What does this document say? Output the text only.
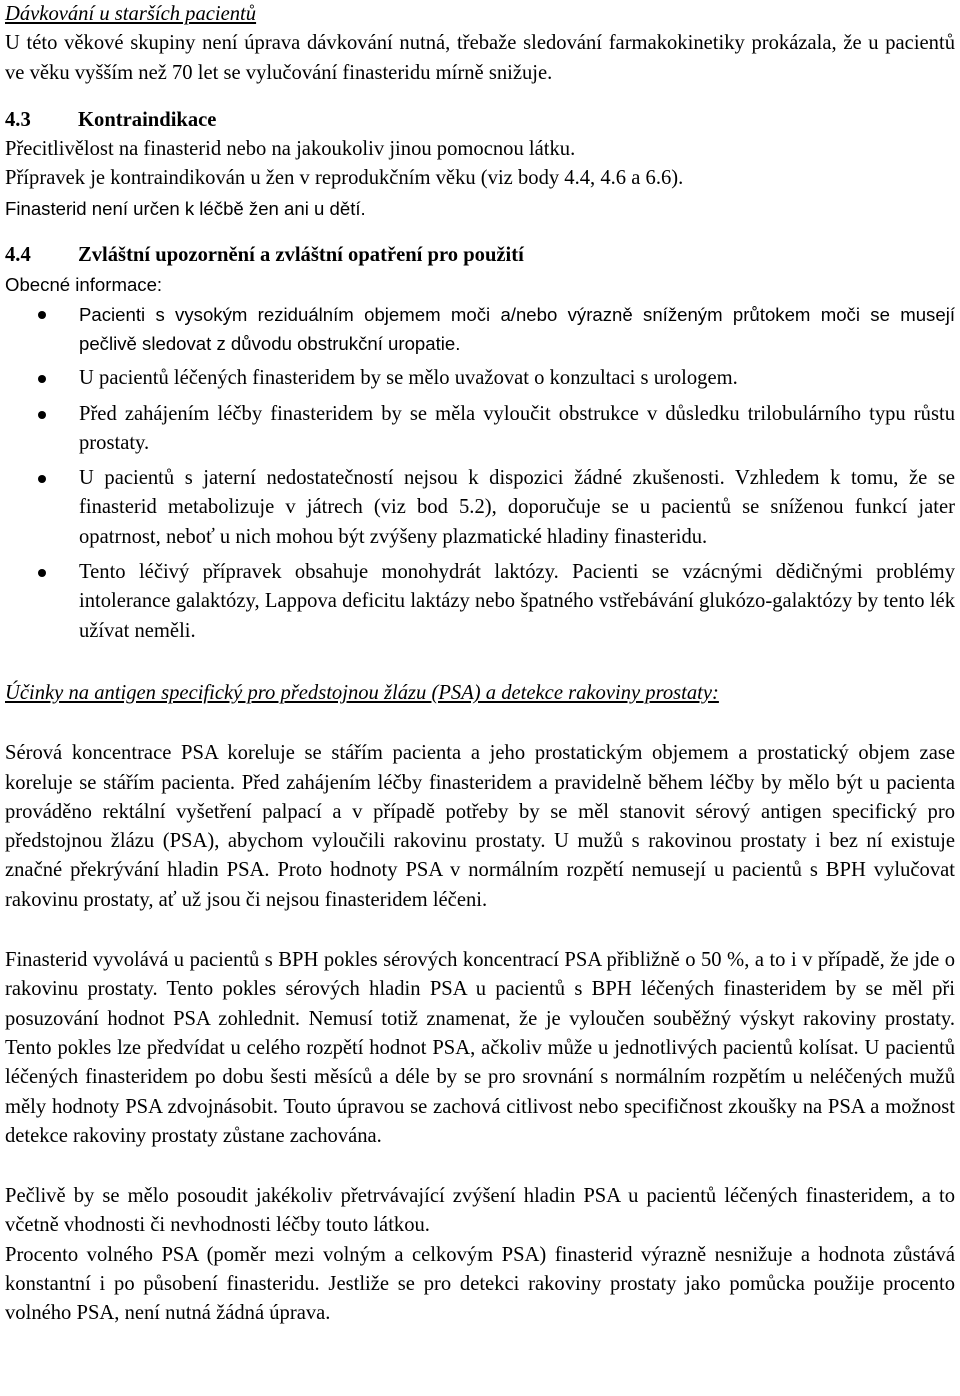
Dávkování u starších pacientů

U této věkové skupiny není úprava dávkování nutná, třebaže sledování farmakokinetiky prokázala, že u pacientů ve věku vyšším než 70 let se vylučování finasteridu mírně snižuje.

4.3 Kontraindikace

Přecitlivělost na finasterid nebo na jakoukoliv jinou pomocnou látku.

Přípravek je kontraindikován u žen v reprodukčním věku (viz body 4.4, 4.6 a 6.6).

Finasterid není určen k léčbě žen ani u dětí.

4.4 Zvláštní upozornění a zvláštní opatření pro použití

Obecné informace:

Pacienti s vysokým reziduálním objemem moči a/nebo výrazně sníženým průtokem moči se musejí pečlivě sledovat z důvodu obstrukční uropatie.
U pacientů léčených finasteridem by se mělo uvažovat o konzultaci s urologem.
Před zahájením léčby finasteridem by se měla vyloučit obstrukce v důsledku trilobulárního typu růstu prostaty.
U pacientů s jaterní nedostatečností nejsou k dispozici žádné zkušenosti. Vzhledem k tomu, že se finasterid metabolizuje v játrech (viz bod 5.2), doporučuje se u pacientů se sníženou funkcí jater opatrnost, neboť u nich mohou být zvýšeny plazmatické hladiny finasteridu.
Tento léčivý přípravek obsahuje monohydrát laktózy. Pacienti se vzácnými dědičnými problémy intolerance galaktózy, Lappova deficitu laktázy nebo špatného vstřebávání glukózo-galaktózy by tento lék užívat neměli.

Účinky na antigen specifický pro předstojnou žlázu (PSA) a detekce rakoviny prostaty:

Sérová koncentrace PSA koreluje se stářím pacienta a jeho prostatickým objemem a prostatický objem zase koreluje se stářím pacienta. Před zahájením léčby finasteridem a pravidelně během léčby by mělo být u pacienta prováděno rektální vyšetření palpací a v případě potřeby by se měl stanovit sérový antigen specifický pro předstojnou žlázu (PSA), abychom vyloučili rakovinu prostaty. U mužů s rakovinou prostaty i bez ní existuje značné překrývání hladin PSA. Proto hodnoty PSA v normálním rozpětí nemusejí u pacientů s BPH vylučovat rakovinu prostaty, ať už jsou či nejsou finasteridem léčeni.

Finasterid vyvolává u pacientů s BPH pokles sérových koncentrací PSA přibližně o 50 %, a to i v případě, že jde o rakovinu prostaty. Tento pokles sérových hladin PSA u pacientů s BPH léčených finasteridem by se měl při posuzování hodnot PSA zohlednit. Nemusí totiž znamenat, že je vyloučen souběžný výskyt rakoviny prostaty. Tento pokles lze předvídat u celého rozpětí hodnot PSA, ačkoliv může u jednotlivých pacientů kolísat. U pacientů léčených finasteridem po dobu šesti měsíců a déle by se pro srovnání s normálním rozpětím u neléčených mužů měly hodnoty PSA zdvojnásobit. Touto úpravou se zachová citlivost nebo specifičnost zkoušky na PSA a možnost detekce rakoviny prostaty zůstane zachována.

Pečlivě by se mělo posoudit jakékoliv přetrvávající zvýšení hladin PSA u pacientů léčených finasteridem, a to včetně vhodnosti či nevhodnosti léčby touto látkou.

Procento volného PSA (poměr mezi volným a celkovým PSA) finasterid výrazně nesnižuje a hodnota zůstává konstantní i po působení finasteridu. Jestliže se pro detekci rakoviny prostaty jako pomůcka použije procento volného PSA, není nutná žádná úprava.
